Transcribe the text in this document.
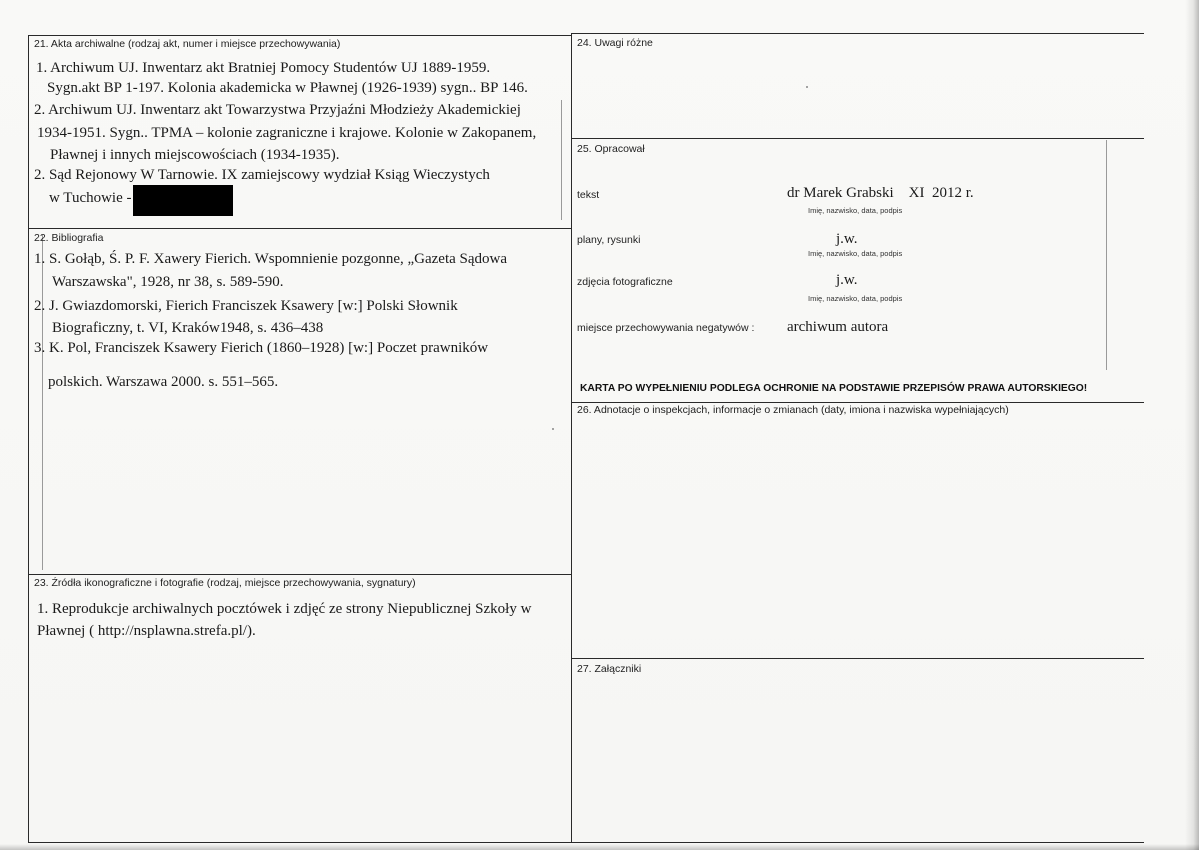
21. Akta archiwalne (rodzaj akt, numer i miejsce przechowywania)
1. Archiwum UJ. Inwentarz akt Bratniej Pomocy Studentów UJ 1889-1959.
Sygn.akt BP 1-197. Kolonia akademicka w Pławnej (1926-1939) sygn.. BP 146.
2. Archiwum UJ. Inwentarz akt Towarzystwa Przyjaźni Młodzieży Akademickiej
1934-1951. Sygn.. TPMA – kolonie zagraniczne i krajowe. Kolonie w Zakopanem,
Pławnej i innych miejscowościach (1934-1935).
2. Sąd Rejonowy W Tarnowie. IX zamiejscowy wydział Ksiąg Wieczystych
w Tuchowie -
22. Bibliografia
1. S. Gołąb, Ś. P. F. Xawery Fierich. Wspomnienie pozgonne, „Gazeta Sądowa
Warszawska", 1928, nr 38, s. 589-590.
2. J. Gwiazdomorski, Fierich Franciszek Ksawery [w:] Polski Słownik
Biograficzny, t. VI, Kraków1948, s. 436–438
3. K. Pol, Franciszek Ksawery Fierich (1860–1928) [w:] Poczet prawników
polskich. Warszawa 2000. s. 551–565.
23. Źródła ikonograficzne i fotografie (rodzaj, miejsce przechowywania, sygnatury)
1. Reprodukcje archiwalnych pocztówek i zdjęć ze strony Niepublicznej Szkoły w
Pławnej ( http://nsplawna.strefa.pl/).
24. Uwagi różne
25. Opracował
tekst	dr Marek Grabski    XI  2012 r.
Imię, nazwisko, data, podpis
plany, rysunki	j.w.
Imię, nazwisko, data, podpis
zdjęcia fotograficzne	j.w.
Imię, nazwisko, data, podpis
miejsce przechowywania negatywów : archiwum autora
KARTA PO WYPEŁNIENIU PODLEGA OCHRONIE NA PODSTAWIE PRZEPISÓW PRAWA AUTORSKIEGO!
26. Adnotacje o inspekcjach, informacje o zmianach (daty, imiona i nazwiska wypełniających)
27. Załączniki
